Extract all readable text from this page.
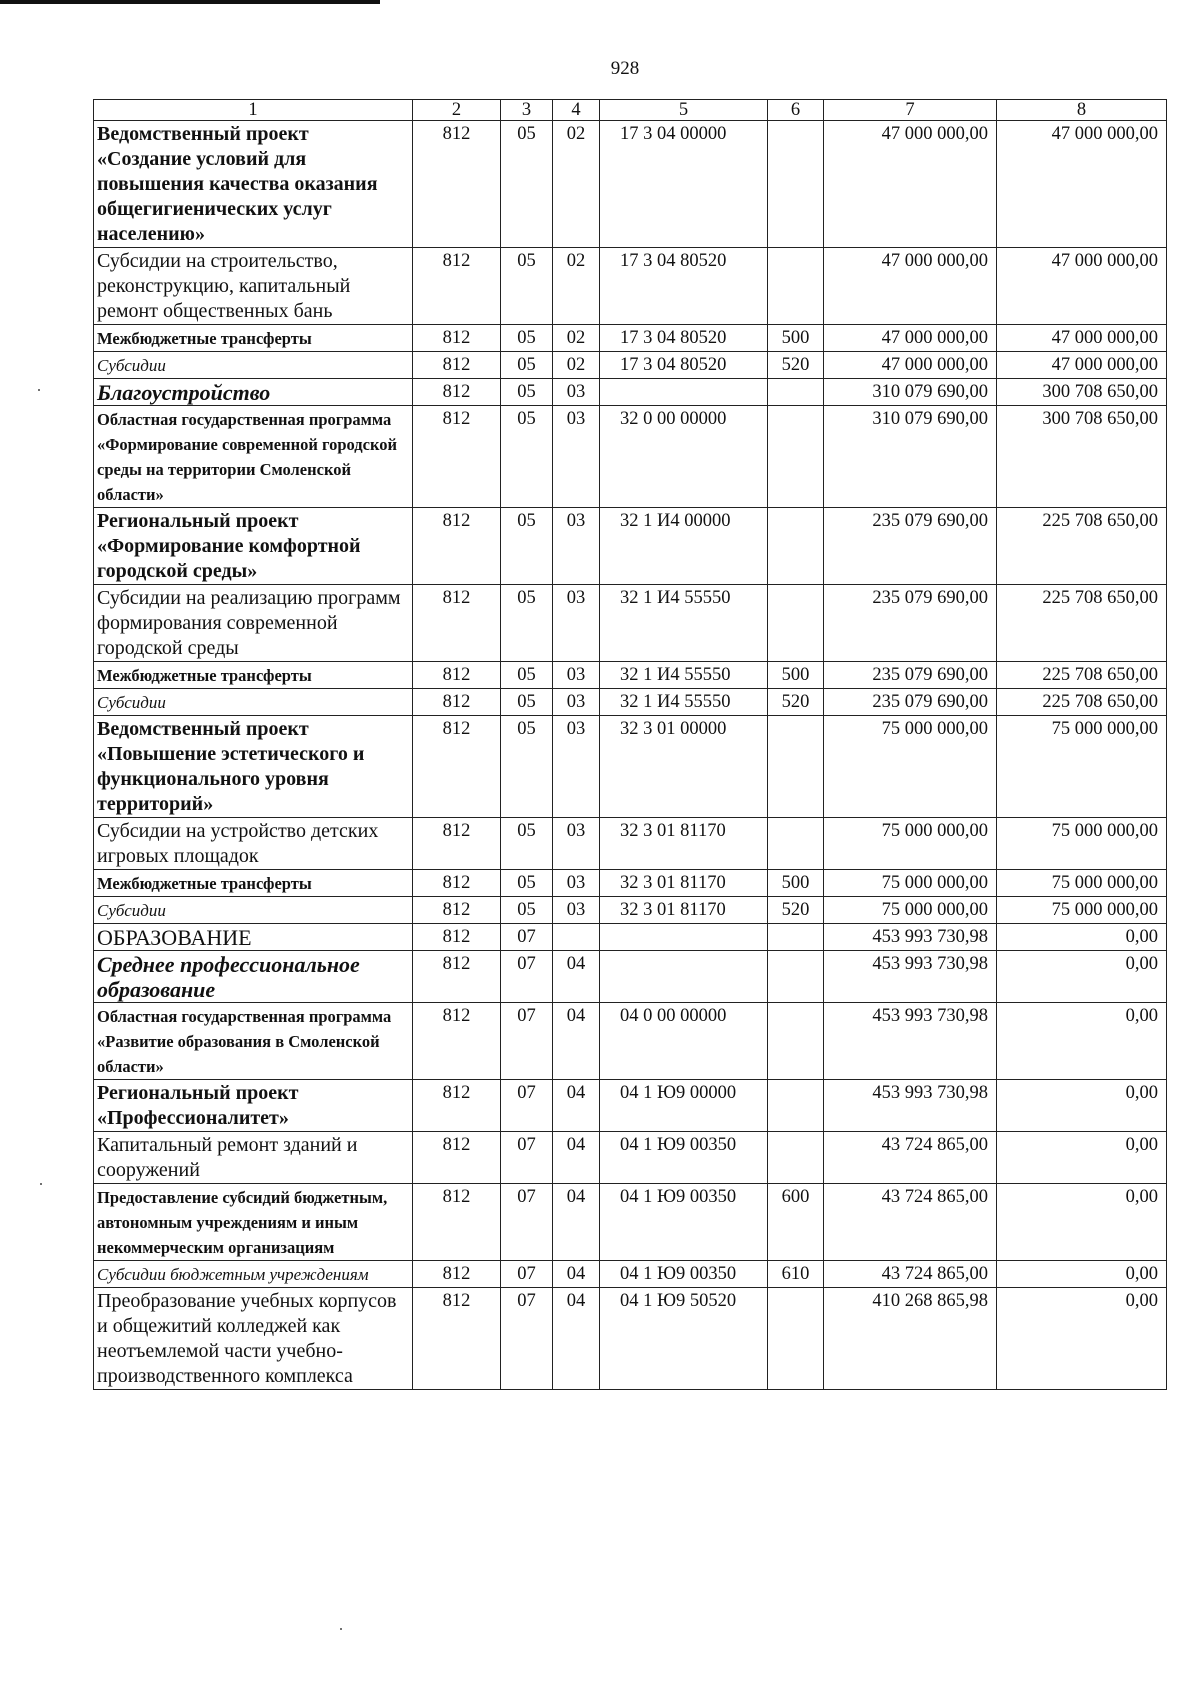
928
1	2	3	4	5	6	7	8
Ведомственный проект «Создание условий для повышения качества оказания общегигиенических услуг населению»	812	05	02	17 3 04 00000		47 000 000,00	47 000 000,00
Субсидии на строительство, реконструкцию, капитальный ремонт общественных бань	812	05	02	17 3 04 80520		47 000 000,00	47 000 000,00
Межбюджетные трансферты	812	05	02	17 3 04 80520	500	47 000 000,00	47 000 000,00
Субсидии	812	05	02	17 3 04 80520	520	47 000 000,00	47 000 000,00
Благоустройство	812	05	03			310 079 690,00	300 708 650,00
Областная государственная программа «Формирование современной городской среды на территории Смоленской области»	812	05	03	32 0 00 00000		310 079 690,00	300 708 650,00
Региональный проект «Формирование комфортной городской среды»	812	05	03	32 1 И4 00000		235 079 690,00	225 708 650,00
Субсидии на реализацию программ формирования современной городской среды	812	05	03	32 1 И4 55550		235 079 690,00	225 708 650,00
Межбюджетные трансферты	812	05	03	32 1 И4 55550	500	235 079 690,00	225 708 650,00
Субсидии	812	05	03	32 1 И4 55550	520	235 079 690,00	225 708 650,00
Ведомственный проект «Повышение эстетического и функционального уровня территорий»	812	05	03	32 3 01 00000		75 000 000,00	75 000 000,00
Субсидии на устройство детских игровых площадок	812	05	03	32 3 01 81170		75 000 000,00	75 000 000,00
Межбюджетные трансферты	812	05	03	32 3 01 81170	500	75 000 000,00	75 000 000,00
Субсидии	812	05	03	32 3 01 81170	520	75 000 000,00	75 000 000,00
ОБРАЗОВАНИЕ	812	07				453 993 730,98	0,00
Среднее профессиональное образование	812	07	04			453 993 730,98	0,00
Областная государственная программа «Развитие образования в Смоленской области»	812	07	04	04 0 00 00000		453 993 730,98	0,00
Региональный проект «Профессионалитет»	812	07	04	04 1 Ю9 00000		453 993 730,98	0,00
Капитальный ремонт зданий и сооружений	812	07	04	04 1 Ю9 00350		43 724 865,00	0,00
Предоставление субсидий бюджетным, автономным учреждениям и иным некоммерческим организациям	812	07	04	04 1 Ю9 00350	600	43 724 865,00	0,00
Субсидии бюджетным учреждениям	812	07	04	04 1 Ю9 00350	610	43 724 865,00	0,00
Преобразование учебных корпусов и общежитий колледжей как неотъемлемой части учебно-производственного комплекса	812	07	04	04 1 Ю9 50520		410 268 865,98	0,00
